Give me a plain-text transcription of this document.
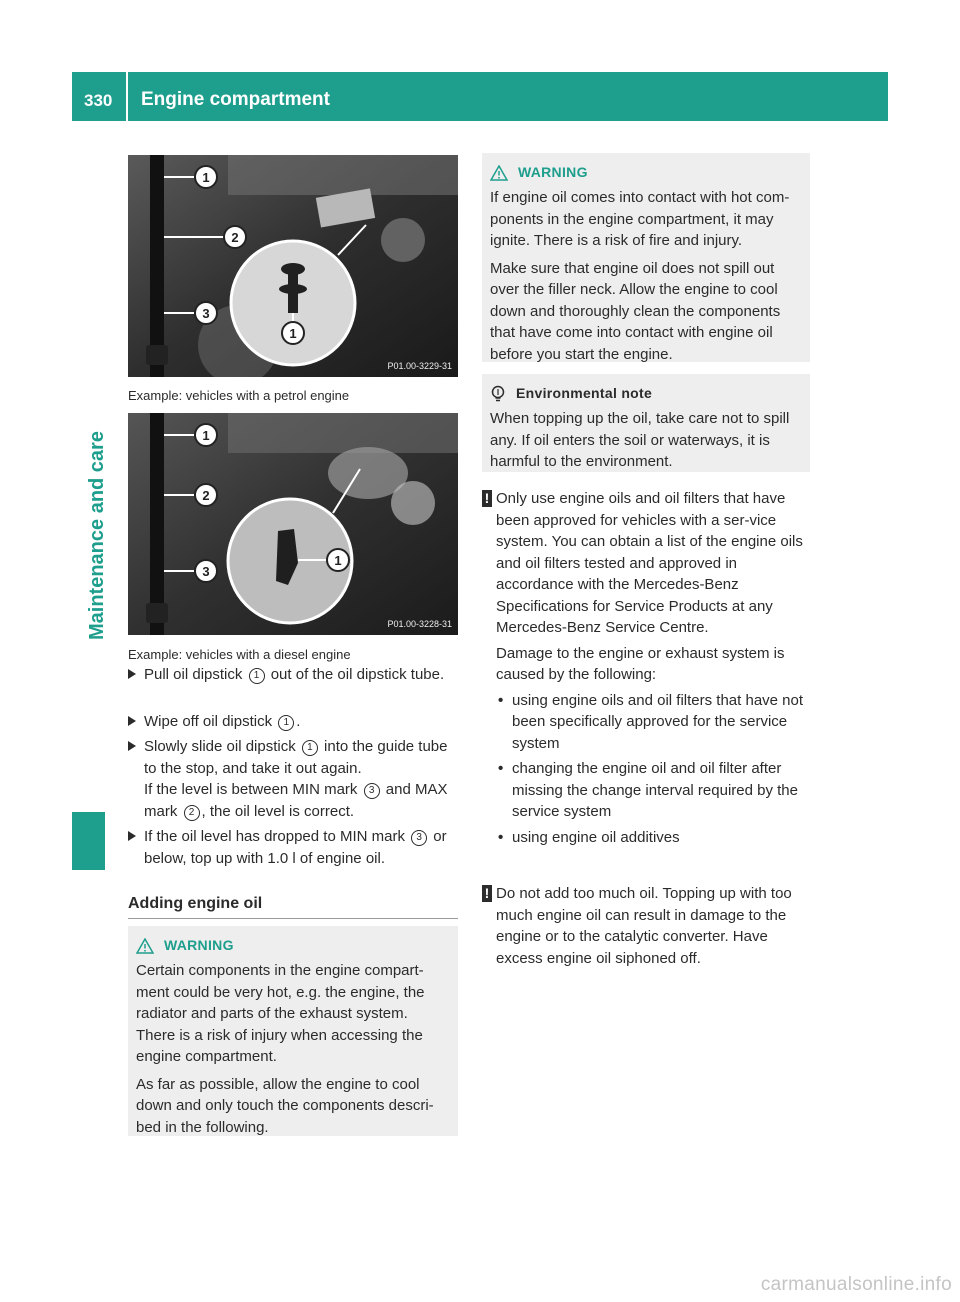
330 Engine compartment
Maintenance and care
1
2
3
1
P01.00-3229-31
Example: vehicles with a petrol engine
1
2
3
1
P01.00-3228-31
Example: vehicles with a diesel engine
Pull oil dipstick 1 out of the oil dipstick tube.
Wipe off oil dipstick 1 .
Slowly slide oil dipstick 1 into the guide tube to the stop, and take it out again.
If the level is between MIN mark 3 and MAX mark 2 , the oil level is correct.
If the oil level has dropped to MIN mark 3 or below, top up with 1.0 l of engine oil.
Adding engine oil
WARNING

Certain components in the engine compart-ment could be very hot, e.g. the engine, the radiator and parts of the exhaust system. There is a risk of injury when accessing the engine compartment.

As far as possible, allow the engine to cool down and only touch the components descri-bed in the following.

WARNING

If engine oil comes into contact with hot com-ponents in the engine compartment, it may ignite. There is a risk of fire and injury.

Make sure that engine oil does not spill out over the filler neck. Allow the engine to cool down and thoroughly clean the components that have come into contact with engine oil before you start the engine.

Environmental note

When topping up the oil, take care not to spill any. If oil enters the soil or waterways, it is harmful to the environment.

! Only use engine oils and oil filters that have been approved for vehicles with a ser-vice system. You can obtain a list of the engine oils and oil filters tested and approved in accordance with the Mercedes-Benz Specifications for Service Products at any Mercedes-Benz Service Centre.

Damage to the engine or exhaust system is caused by the following:

• using engine oils and oil filters that have not been specifically approved for the service system
• changing the engine oil and oil filter after missing the change interval required by the service system
• using engine oil additives
! Do not add too much oil. Topping up with too much engine oil can result in damage to the engine or to the catalytic converter. Have excess engine oil siphoned off.

carmanualsonline.info
